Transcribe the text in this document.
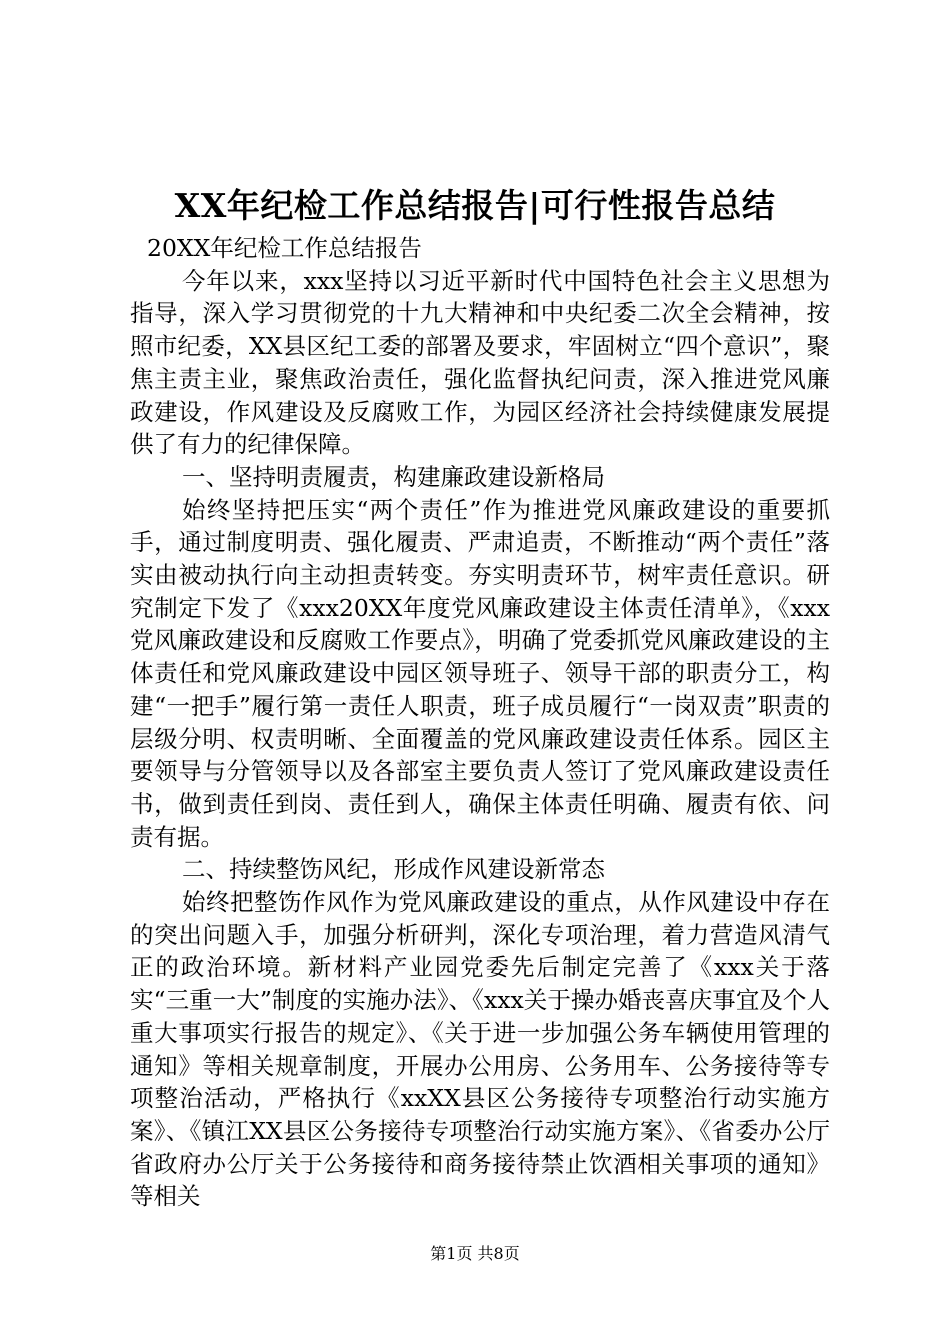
XX年纪检工作总结报告|可行性报告总结

20XX年纪检工作总结报告

今年以来，xxx坚持以习近平新时代中国特色社会主义思想为指导，深入学习贯彻党的十九大精神和中央纪委二次全会精神，按照市纪委，XX县区纪工委的部署及要求，牢固树立“四个意识”，聚焦主责主业，聚焦政治责任，强化监督执纪问责，深入推进党风廉政建设，作风建设及反腐败工作，为园区经济社会持续健康发展提供了有力的纪律保障。

一、坚持明责履责，构建廉政建设新格局

始终坚持把压实“两个责任”作为推进党风廉政建设的重要抓手，通过制度明责、强化履责、严肃追责，不断推动“两个责任”落实由被动执行向主动担责转变。夯实明责环节，树牢责任意识。研究制定下发了《xxx20XX年度党风廉政建设主体责任清单》，《xxx党风廉政建设和反腐败工作要点》，明确了党委抓党风廉政建设的主体责任和党风廉政建设中园区领导班子、领导干部的职责分工，构建“一把手”履行第一责任人职责，班子成员履行“一岗双责”职责的层级分明、权责明晰、全面覆盖的党风廉政建设责任体系。园区主要领导与分管领导以及各部室主要负责人签订了党风廉政建设责任书，做到责任到岗、责任到人，确保主体责任明确、履责有依、问责有据。

二、持续整饬风纪，形成作风建设新常态

始终把整饬作风作为党风廉政建设的重点，从作风建设中存在的突出问题入手，加强分析研判，深化专项治理，着力营造风清气正的政治环境。新材料产业园党委先后制定完善了《xxx关于落实“三重一大”制度的实施办法》、《xxx关于操办婚丧喜庆事宜及个人重大事项实行报告的规定》、《关于进一步加强公务车辆使用管理的通知》等相关规章制度，开展办公用房、公务用车、公务接待等专项整治活动，严格执行《xxXX县区公务接待专项整治行动实施方案》、《镇江XX县区公务接待专项整治行动实施方案》、《省委办公厅省政府办公厅关于公务接待和商务接待禁止饮酒相关事项的通知》等相关

第1页 共8页
